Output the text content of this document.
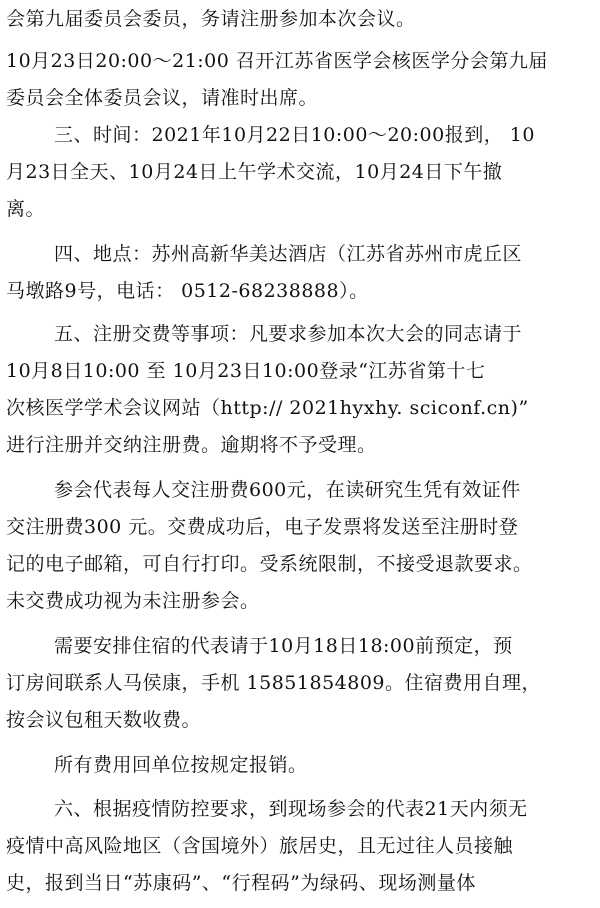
会第九届委员会委员，务请注册参加本次会议。
10月23日20:00～21:00 召开江苏省医学会核医学分会第九届
委员会全体委员会议，请准时出席。
三、时间：2021年10月22日10:00～20:00报到， 10
月23日全天、10月24日上午学术交流，10月24日下午撤
离。
四、地点：苏州高新华美达酒店（江苏省苏州市虎丘区
马墩路9号，电话： 0512-68238888）。
五、注册交费等事项：凡要求参加本次大会的同志请于
10月8日10:00 至 10月23日10:00登录“江苏省第十七
次核医学学术会议网站（http:// 2021hyxhy. sciconf.cn)”
进行注册并交纳注册费。逾期将不予受理。
参会代表每人交注册费600元，在读研究生凭有效证件
交注册费300 元。交费成功后，电子发票将发送至注册时登
记的电子邮箱，可自行打印。受系统限制，不接受退款要求。
未交费成功视为未注册参会。
需要安排住宿的代表请于10月18日18:00前预定，预
订房间联系人马侯康，手机 15851854809。住宿费用自理，
按会议包租天数收费。
所有费用回单位按规定报销。
六、根据疫情防控要求，到现场参会的代表21天内须无
疫情中高风险地区（含国境外）旅居史，且无过往人员接触
史，报到当日“苏康码”、“行程码”为绿码、现场测量体
